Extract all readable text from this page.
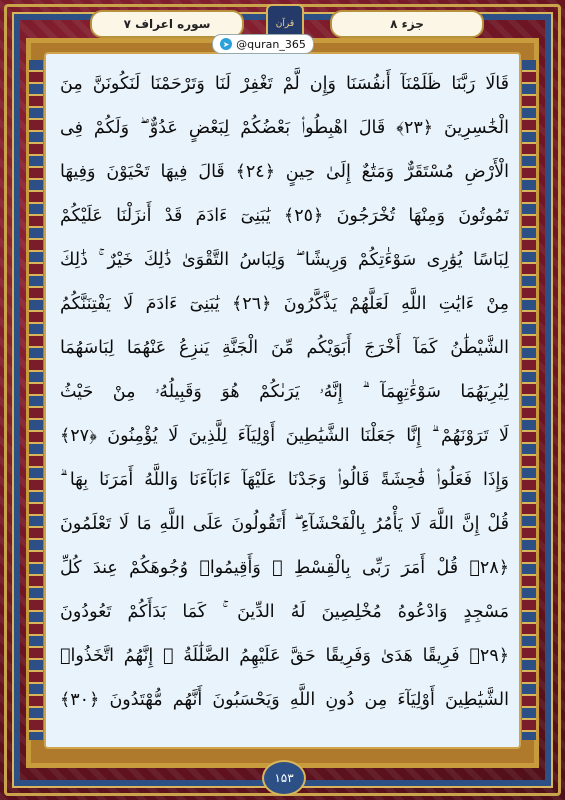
سوره اعراف ۷	قرآن	جزء ۸
➤ @quran_365
قَالَا رَبَّنَا ظَلَمْنَآ أَنفُسَنَا وَإِن لَّمْ تَغْفِرْ لَنَا وَتَرْحَمْنَا لَنَكُونَنَّ مِنَ
الْخَٰسِرِينَ ﴿٢٣﴾ قَالَ اهْبِطُوا۟ بَعْضُكُمْ لِبَعْضٍ عَدُوٌّ ۖ وَلَكُمْ فِى
الْأَرْضِ مُسْتَقَرٌّ وَمَتَٰعٌ إِلَىٰ حِينٍ ﴿٢٤﴾ قَالَ فِيهَا تَحْيَوْنَ وَفِيهَا
تَمُوتُونَ وَمِنْهَا تُخْرَجُونَ ﴿٢٥﴾ يَٰبَنِىٓ ءَادَمَ قَدْ أَنزَلْنَا عَلَيْكُمْ
لِبَاسًا يُوَٰرِى سَوْءَٰتِكُمْ وَرِيشًا ۖ وَلِبَاسُ التَّقْوَىٰ ذَٰلِكَ خَيْرٌ ۚ ذَٰلِكَ
مِنْ ءَايَٰتِ اللَّهِ لَعَلَّهُمْ يَذَّكَّرُونَ ﴿٢٦﴾ يَٰبَنِىٓ ءَادَمَ لَا يَفْتِنَنَّكُمُ
الشَّيْطَٰنُ كَمَآ أَخْرَجَ أَبَوَيْكُم مِّنَ الْجَنَّةِ يَنزِعُ عَنْهُمَا لِبَاسَهُمَا
لِيُرِيَهُمَا سَوْءَٰتِهِمَآ ۗ إِنَّهُۥ يَرَىٰكُمْ هُوَ وَقَبِيلُهُۥ مِنْ حَيْثُ
لَا تَرَوْنَهُمْ ۗ إِنَّا جَعَلْنَا الشَّيَٰطِينَ أَوْلِيَآءَ لِلَّذِينَ لَا يُؤْمِنُونَ ﴿٢٧﴾
وَإِذَا فَعَلُوا۟ فَٰحِشَةً قَالُوا۟ وَجَدْنَا عَلَيْهَآ ءَابَآءَنَا وَاللَّهُ أَمَرَنَا بِهَا ۗ
قُلْ إِنَّ اللَّهَ لَا يَأْمُرُ بِالْفَحْشَآءِ ۖ أَتَقُولُونَ عَلَى اللَّهِ مَا لَا تَعْلَمُونَ
﴿٢٨﴾ قُلْ أَمَرَ رَبِّى بِالْقِسْطِ ۖ وَأَقِيمُوا۟ وُجُوهَكُمْ عِندَ كُلِّ
مَسْجِدٍ وَادْعُوهُ مُخْلِصِينَ لَهُ الدِّينَ ۚ كَمَا بَدَأَكُمْ تَعُودُونَ
﴿٢٩﴾ فَرِيقًا هَدَىٰ وَفَرِيقًا حَقَّ عَلَيْهِمُ الضَّلَٰلَةُ ۗ إِنَّهُمُ اتَّخَذُوا۟
الشَّيَٰطِينَ أَوْلِيَآءَ مِن دُونِ اللَّهِ وَيَحْسَبُونَ أَنَّهُم مُّهْتَدُونَ ﴿٣٠﴾
۱۵۳
